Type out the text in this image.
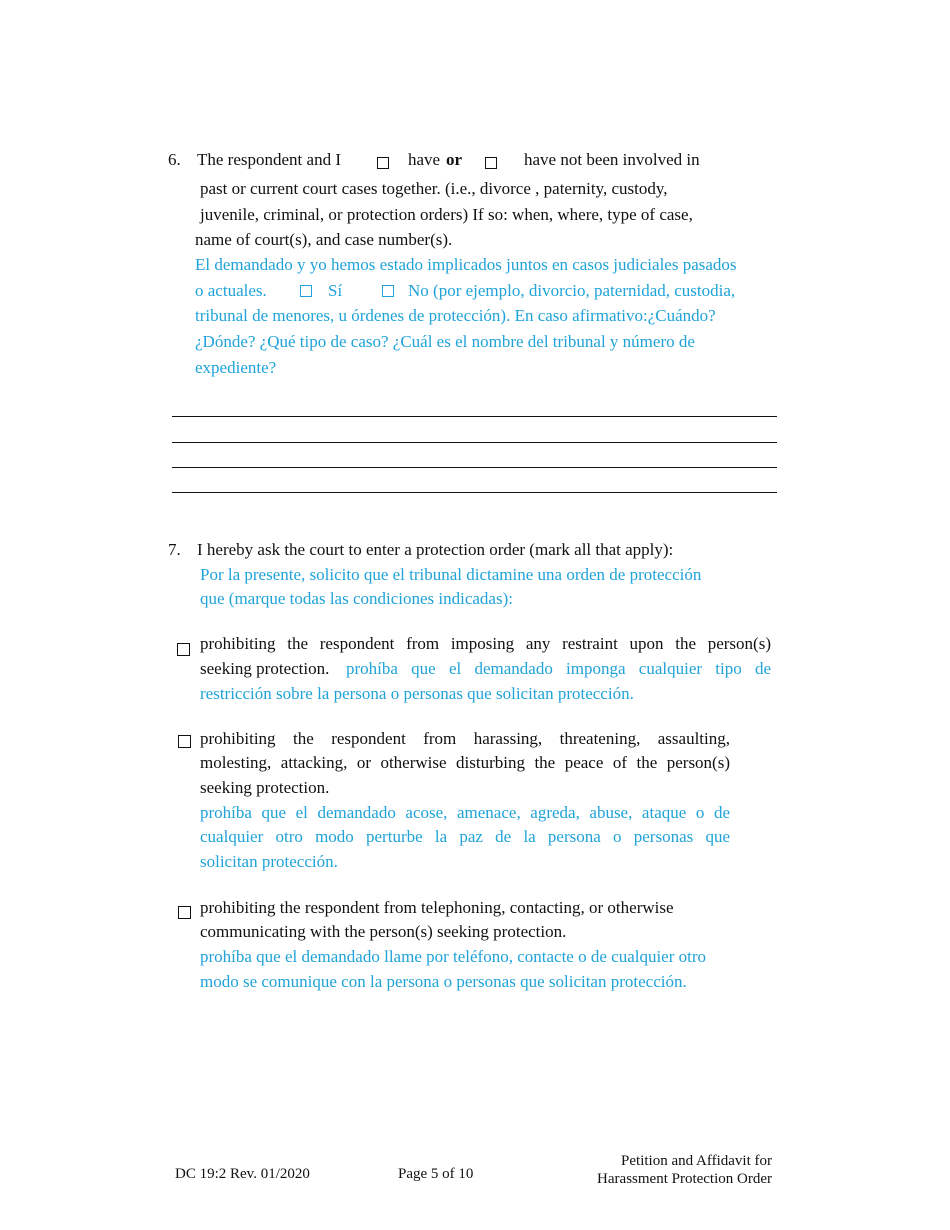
6. The respondent and I	have or	have not been involved in
past or current court cases together. (i.e., divorce , paternity, custody,
juvenile, criminal, or protection orders) If so: when, where, type of case,
name of court(s), and case number(s).
El demandado y yo hemos estado implicados juntos en casos judiciales pasados
o actuales.	Sí	No (por ejemplo, divorcio, paternidad, custodia,
tribunal de menores, u órdenes de protección). En caso afirmativo:¿Cuándo?
¿Dónde? ¿Qué tipo de caso? ¿Cuál es el nombre del tribunal y número de
expediente?
7. I hereby ask the court to enter a protection order (mark all that apply):
Por la presente, solicito que el tribunal dictamine una orden de protección
que (marque todas las condiciones indicadas):
prohibiting the respondent from imposing any restraint upon the person(s)
seeking protection. prohíba que el demandado imponga cualquier tipo de
restricción sobre la persona o personas que solicitan protección.
prohibiting the respondent from harassing, threatening, assaulting,
molesting, attacking, or otherwise disturbing the peace of the person(s)
seeking protection.
prohíba que el demandado acose, amenace, agreda, abuse, ataque o de
cualquier otro modo perturbe la paz de la persona o personas que
solicitan protección.
prohibiting the respondent from telephoning, contacting, or otherwise
communicating with the person(s) seeking protection.
prohíba que el demandado llame por teléfono, contacte o de cualquier otro
modo se comunique con la persona o personas que solicitan protección.
DC 19:2 Rev. 01/2020	Page 5 of 10
Petition and Affidavit for
Harassment Protection Order
